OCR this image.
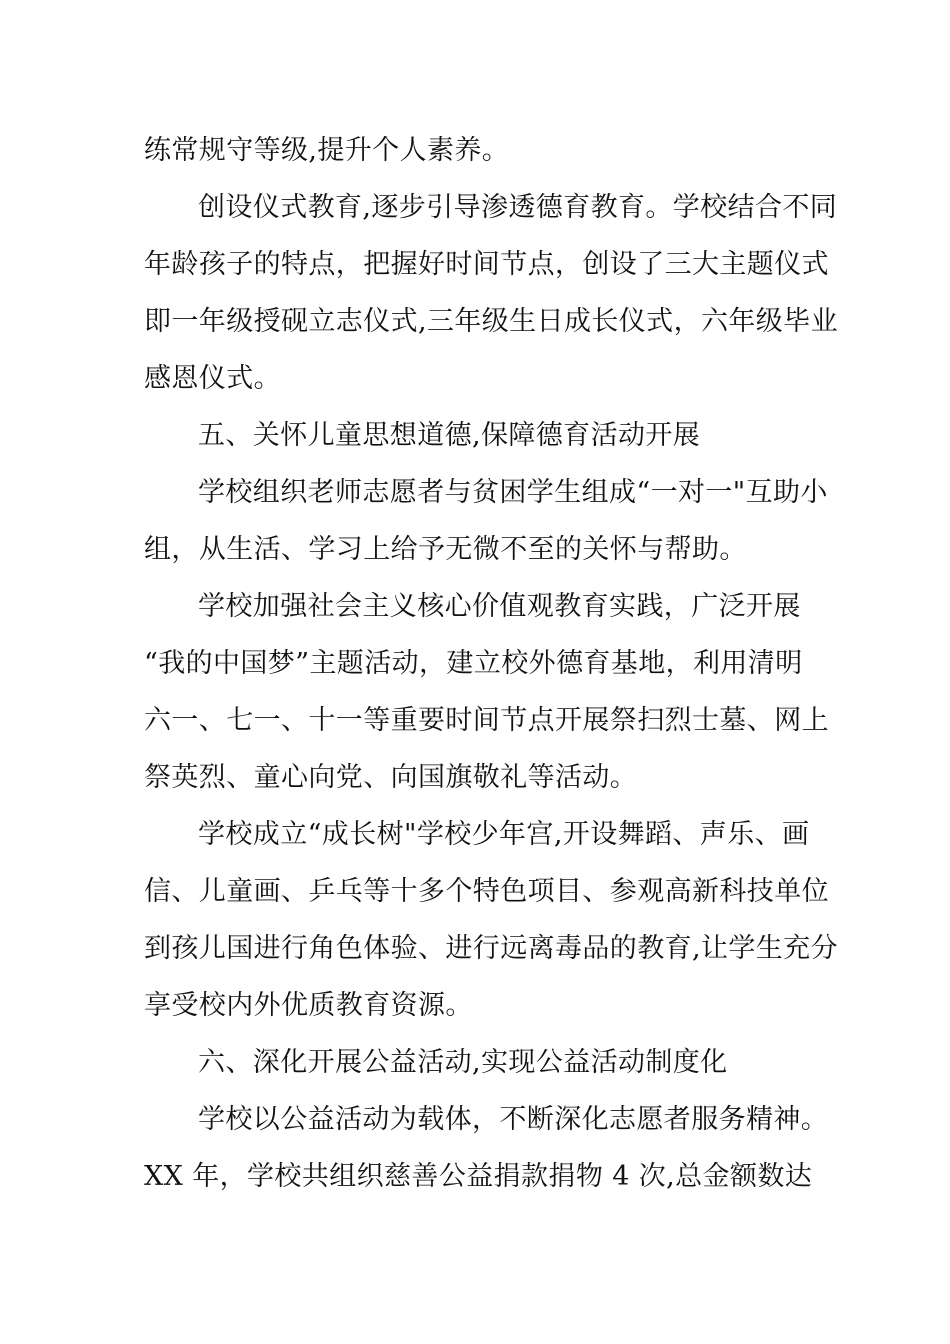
练常规守等级,提升个人素养。
创设仪式教育,逐步引导渗透德育教育。学校结合不同
年龄孩子的特点，把握好时间节点，创设了三大主题仪式
即一年级授砚立志仪式,三年级生日成长仪式，六年级毕业
感恩仪式。
五、关怀儿童思想道德,保障德育活动开展
学校组织老师志愿者与贫困学生组成“一对一"互助小
组，从生活、学习上给予无微不至的关怀与帮助。
学校加强社会主义核心价值观教育实践，广泛开展
“我的中国梦”主题活动，建立校外德育基地，利用清明
六一、七一、十一等重要时间节点开展祭扫烈士墓、网上
祭英烈、童心向党、向国旗敬礼等活动。
学校成立“成长树"学校少年宫,开设舞蹈、声乐、画
信、儿童画、乒乓等十多个特色项目、参观高新科技单位
到孩儿国进行角色体验、进行远离毒品的教育,让学生充分
享受校内外优质教育资源。
六、深化开展公益活动,实现公益活动制度化
学校以公益活动为载体，不断深化志愿者服务精神。
XX 年，学校共组织慈善公益捐款捐物 4 次,总金额数达
